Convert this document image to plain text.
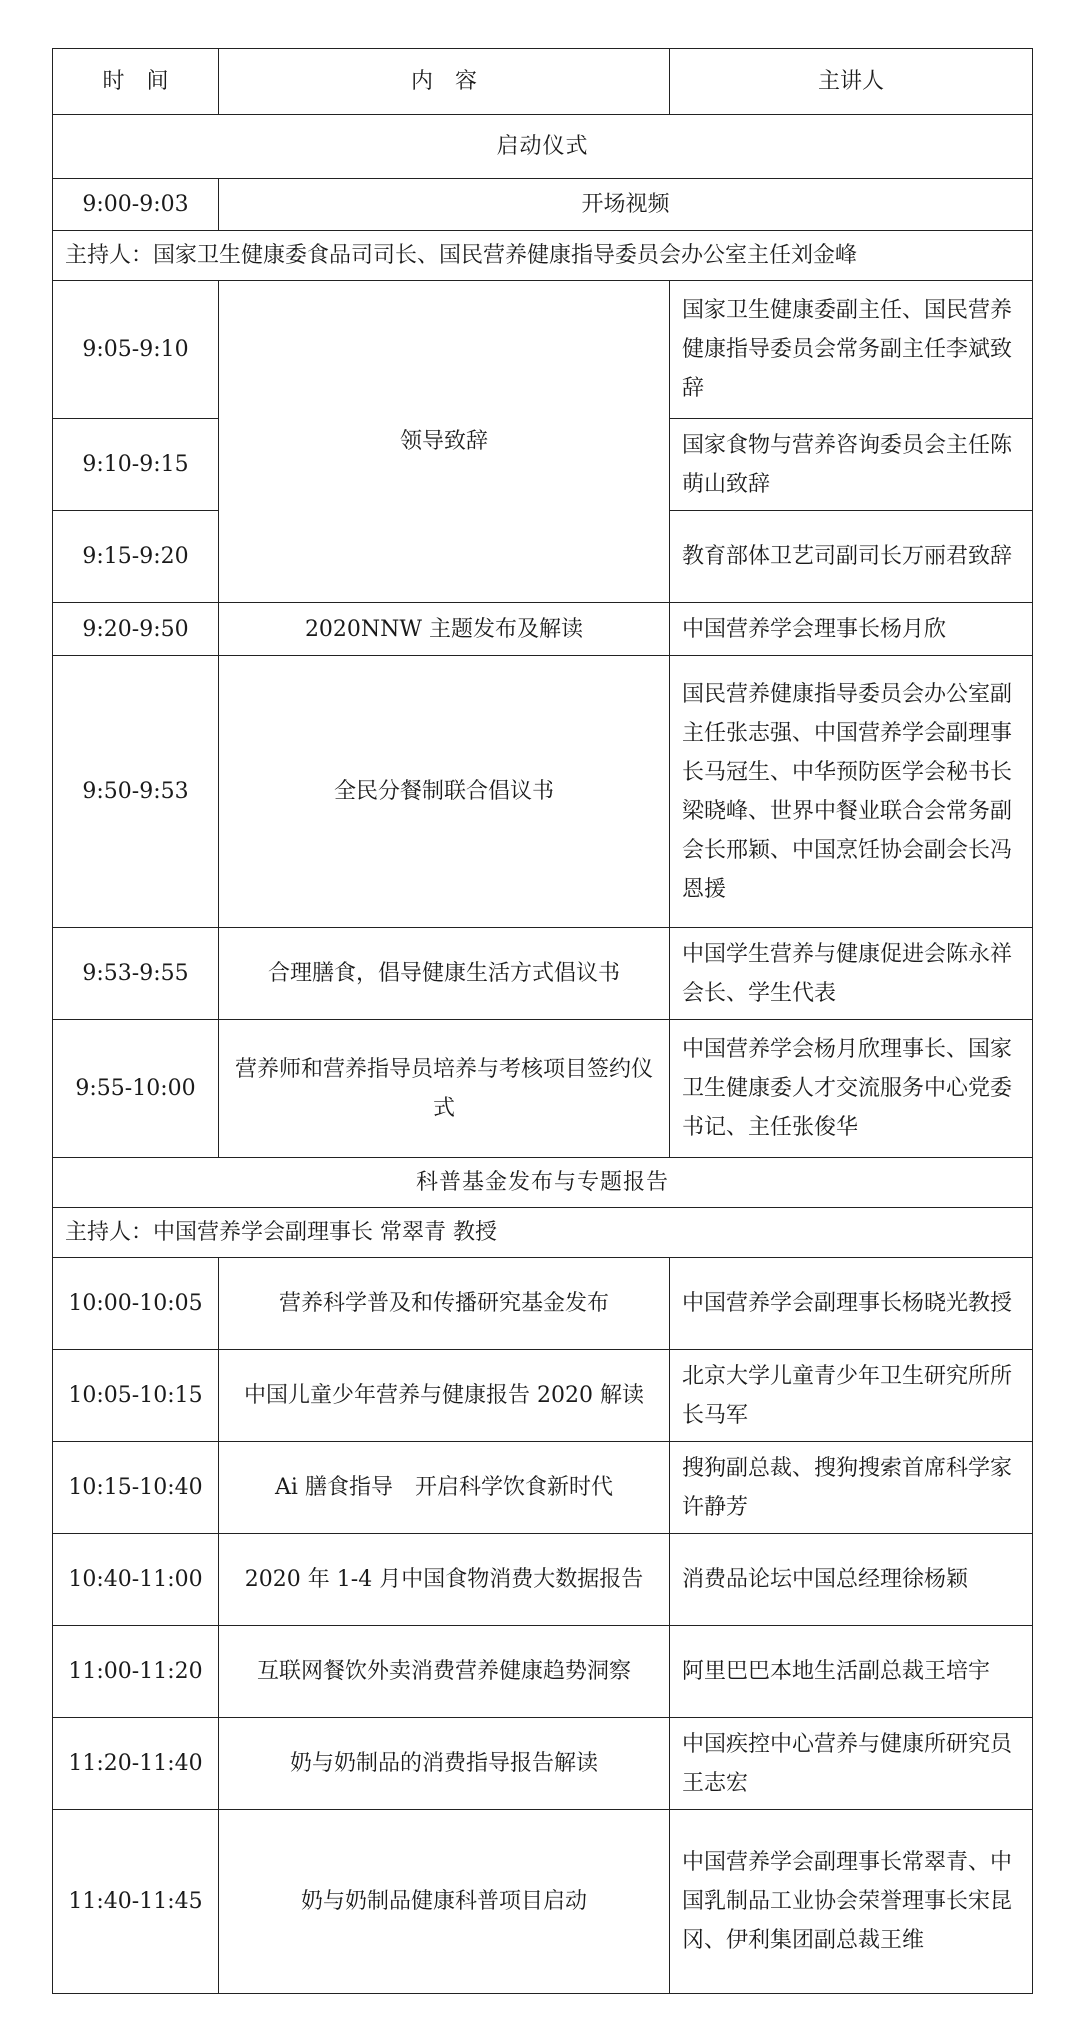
时　间	内　容	主讲人
启动仪式		
9:00-9:03	开场视频	
主持人：国家卫生健康委食品司司长、国民营养健康指导委员会办公室主任刘金峰		
9:05-9:10	领导致辞	国家卫生健康委副主任、国民营养健康指导委员会常务副主任李斌致辞
9:10-9:15		国家食物与营养咨询委员会主任陈萌山致辞
9:15-9:20		教育部体卫艺司副司长万丽君致辞
9:20-9:50	2020NNW 主题发布及解读	中国营养学会理事长杨月欣
9:50-9:53	全民分餐制联合倡议书	国民营养健康指导委员会办公室副主任张志强、中国营养学会副理事长马冠生、中华预防医学会秘书长梁晓峰、世界中餐业联合会常务副会长邢颖、中国烹饪协会副会长冯恩援
9:53-9:55	合理膳食，倡导健康生活方式倡议书	中国学生营养与健康促进会陈永祥会长、学生代表
9:55-10:00	营养师和营养指导员培养与考核项目签约仪式	中国营养学会杨月欣理事长、国家卫生健康委人才交流服务中心党委书记、主任张俊华
科普基金发布与专题报告		
主持人：中国营养学会副理事长 常翠青 教授		
10:00-10:05	营养科学普及和传播研究基金发布	中国营养学会副理事长杨晓光教授
10:05-10:15	中国儿童少年营养与健康报告 2020 解读	北京大学儿童青少年卫生研究所所长马军
10:15-10:40	Ai 膳食指导　开启科学饮食新时代	搜狗副总裁、搜狗搜索首席科学家许静芳
10:40-11:00	2020 年 1-4 月中国食物消费大数据报告	消费品论坛中国总经理徐杨颖
11:00-11:20	互联网餐饮外卖消费营养健康趋势洞察	阿里巴巴本地生活副总裁王培宇
11:20-11:40	奶与奶制品的消费指导报告解读	中国疾控中心营养与健康所研究员王志宏
11:40-11:45	奶与奶制品健康科普项目启动	中国营养学会副理事长常翠青、中国乳制品工业协会荣誉理事长宋昆冈、伊利集团副总裁王维
